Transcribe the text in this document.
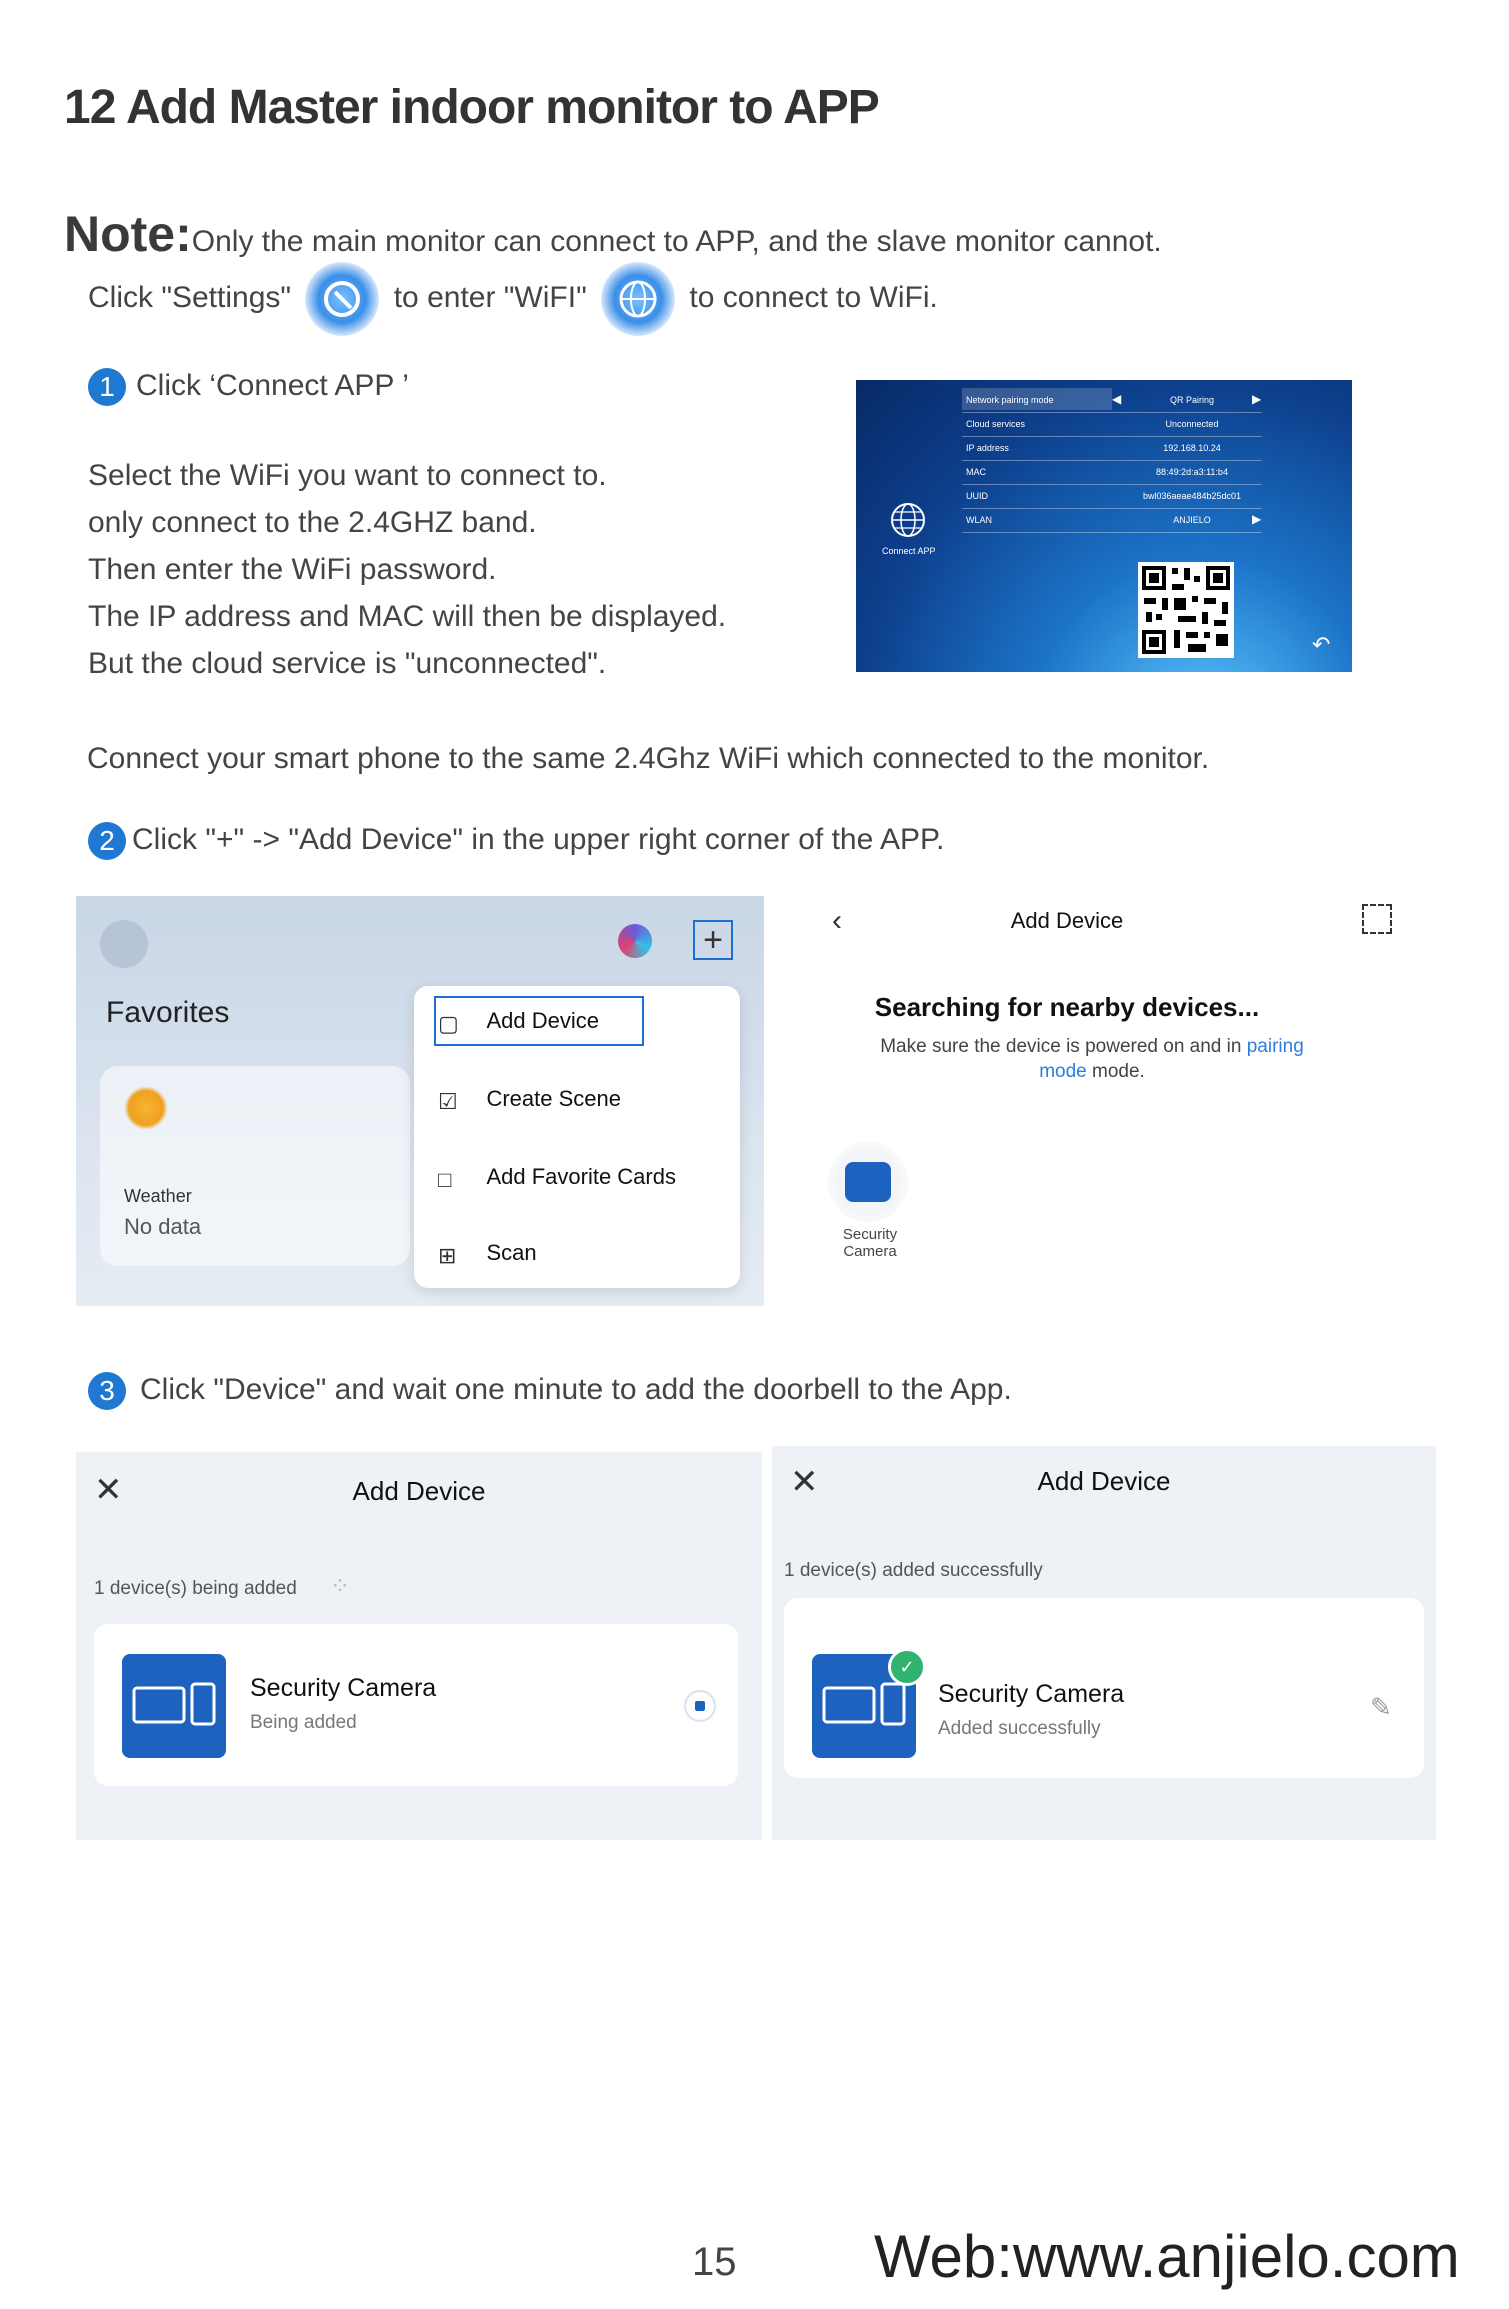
12 Add Master indoor monitor to APP
Note:Only the main monitor can connect to APP, and the slave monitor cannot.
Click "Settings"	to enter "WiFI"	to connect to WiFi.
1 Click ‘Connect APP ’
Select the WiFi you want to connect to.
only connect to the 2.4GHZ band.
Then enter the WiFi password.
The IP address and MAC will then be displayed.
But the cloud service is "unconnected".
Network pairing mode	◀	QR Pairing	▶
Cloud services	Unconnected
IP address	192.168.10.24
MAC	88:49:2d:a3:11:b4
UUID	bwl036aeae484b25dc01
WLAN	ANJIELO	▶
Connect APP
↶
Connect your smart phone to the same 2.4Ghz WiFi which connected to the monitor.
2 Click "+" -> "Add Device" in the upper right corner of the APP.
+
Favorites
Weather
No data
▢ Add Device
☑ Create Scene
□ Add Favorite Cards
⊞ Scan
‹	Add Device
Searching for nearby devices...
Make sure the device is powered on and in pairing mode mode.
Security Camera
3 Click "Device" and wait one minute to add the doorbell to the App.
✕	Add Device
1 device(s) being added ⁘
Security Camera
Being added
✕	Add Device
1 device(s) added successfully
✓
Security Camera
Added successfully
✎
15 Web:www.anjielo.com
